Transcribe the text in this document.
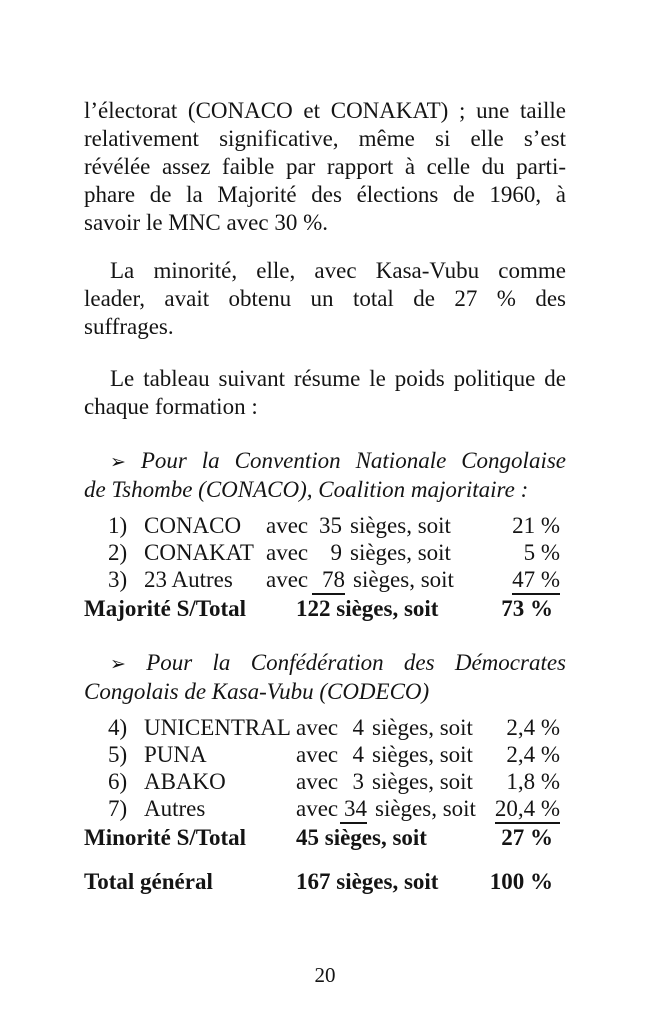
l’électorat (CONACO et CONAKAT) ; une taille
relativement significative, même si elle s’est
révélée assez faible par rapport à celle du parti-
phare de la Majorité des élections de 1960, à
savoir le MNC avec 30 %.
La minorité, elle, avec Kasa-Vubu comme
leader, avait obtenu un total de 27 % des
suffrages.
Le tableau suivant résume le poids politique de
chaque formation :
➢ Pour la Convention Nationale Congolaise
de Tshombe (CONACO), Coalition majoritaire :
1) CONACO	avec 35 sièges, soit	21 %
2) CONAKAT avec 9 sièges, soit	5 %
3) 23 Autres	avec 78 sièges, soit	47 %
Majorité S/Total	122 sièges, soit	73 %
➢ Pour la Confédération des Démocrates
Congolais de Kasa-Vubu (CODECO)
4) UNICENTRAL avec 4 sièges, soit 2,4 %
5) PUNA	avec 4 sièges, soit 2,4 %
6) ABAKO	avec 3 sièges, soit 1,8 %
7) Autres	avec 34 sièges, soit 20,4 %
Minorité S/Total	45 sièges, soit	27 %
Total général	167 sièges, soit 100 %
20
